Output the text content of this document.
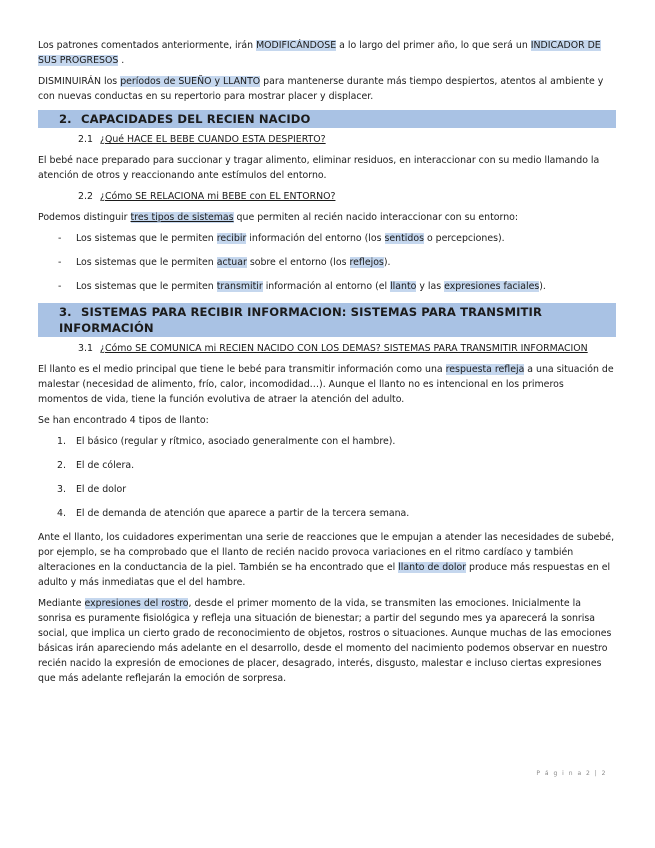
Los patrones comentados anteriormente, irán MODIFICÁNDOSE a lo largo del primer año, lo que será un INDICADOR DE SUS PROGRESOS .

DISMINUIRÁN los períodos de SUEÑO y LLANTO para mantenerse durante más tiempo despiertos, atentos al ambiente y con nuevas conductas en su repertorio para mostrar placer y displacer.

2. CAPACIDADES DEL RECIEN NACIDO
2.1 ¿Qué HACE EL BEBE CUANDO ESTA DESPIERTO?

El bebé nace preparado para succionar y tragar alimento, eliminar residuos, en interaccionar con su medio llamando la atención de otros y reaccionando ante estímulos del entorno.

2.2 ¿Cómo SE RELACIONA mi BEBE con EL ENTORNO?

Podemos distinguir tres tipos de sistemas que permiten al recién nacido interaccionar con su entorno:

- Los sistemas que le permiten recibir información del entorno (los sentidos o percepciones).
- Los sistemas que le permiten actuar sobre el entorno (los reflejos).
- Los sistemas que le permiten transmitir información al entorno (el llanto y las expresiones faciales).
3. SISTEMAS PARA RECIBIR INFORMACION: SISTEMAS PARA TRANSMITIR INFORMACIÓN
3.1 ¿Cómo SE COMUNICA mi RECIEN NACIDO CON LOS DEMAS? SISTEMAS PARA TRANSMITIR INFORMACION

El llanto es el medio principal que tiene le bebé para transmitir información como una respuesta refleja a una situación de malestar (necesidad de alimento, frío, calor, incomodidad…). Aunque el llanto no es intencional en los primeros momentos de vida, tiene la función evolutiva de atraer la atención del adulto.

Se han encontrado 4 tipos de llanto:

1. El básico (regular y rítmico, asociado generalmente con el hambre).
2. El de cólera.
3. El de dolor
4. El de demanda de atención que aparece a partir de la tercera semana.

Ante el llanto, los cuidadores experimentan una serie de reacciones que le empujan a atender las necesidades de subebé, por ejemplo, se ha comprobado que el llanto de recién nacido provoca variaciones en el ritmo cardíaco y también alteraciones en la conductancia de la piel. También se ha encontrado que el llanto de dolor produce más respuestas en el adulto y más inmediatas que el del hambre.

Mediante expresiones del rostro, desde el primer momento de la vida, se transmiten las emociones. Inicialmente la sonrisa es puramente fisiológica y refleja una situación de bienestar; a partir del segundo mes ya aparecerá la sonrisa social, que implica un cierto grado de reconocimiento de objetos, rostros o situaciones. Aunque muchas de las emociones básicas irán apareciendo más adelante en el desarrollo, desde el momento del nacimiento podemos observar en nuestro recién nacido la expresión de emociones de placer, desagrado, interés, disgusto, malestar e incluso ciertas expresiones que más adelante reflejarán la emoción de sorpresa.

P á g i n a 2 | 2
